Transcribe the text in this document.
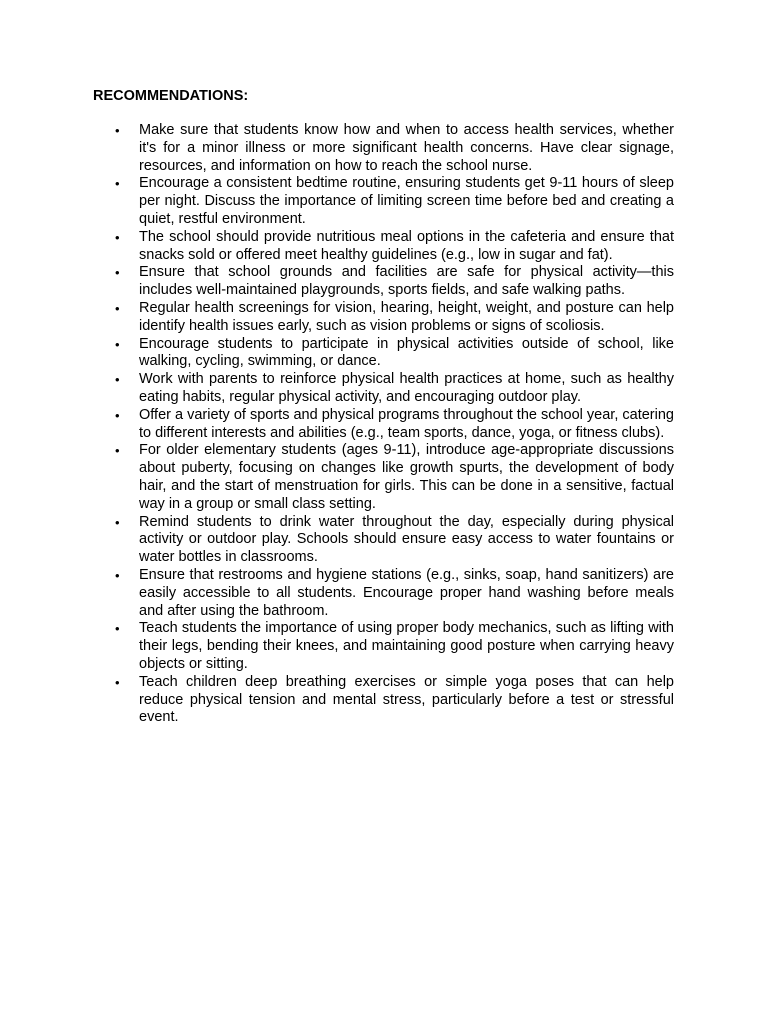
RECOMMENDATIONS:
• Make sure that students know how and when to access health services, whether it's for a minor illness or more significant health concerns. Have clear signage, resources, and information on how to reach the school nurse.
• Encourage a consistent bedtime routine, ensuring students get 9-11 hours of sleep per night. Discuss the importance of limiting screen time before bed and creating a quiet, restful environment.
• The school should provide nutritious meal options in the cafeteria and ensure that snacks sold or offered meet healthy guidelines (e.g., low in sugar and fat).
• Ensure that school grounds and facilities are safe for physical activity—this includes well-maintained playgrounds, sports fields, and safe walking paths.
• Regular health screenings for vision, hearing, height, weight, and posture can help identify health issues early, such as vision problems or signs of scoliosis.
• Encourage students to participate in physical activities outside of school, like walking, cycling, swimming, or dance.
• Work with parents to reinforce physical health practices at home, such as healthy eating habits, regular physical activity, and encouraging outdoor play.
• Offer a variety of sports and physical programs throughout the school year, catering to different interests and abilities (e.g., team sports, dance, yoga, or fitness clubs).
• For older elementary students (ages 9-11), introduce age-appropriate discussions about puberty, focusing on changes like growth spurts, the development of body hair, and the start of menstruation for girls. This can be done in a sensitive, factual way in a group or small class setting.
• Remind students to drink water throughout the day, especially during physical activity or outdoor play. Schools should ensure easy access to water fountains or water bottles in classrooms.
• Ensure that restrooms and hygiene stations (e.g., sinks, soap, hand sanitizers) are easily accessible to all students. Encourage proper hand washing before meals and after using the bathroom.
• Teach students the importance of using proper body mechanics, such as lifting with their legs, bending their knees, and maintaining good posture when carrying heavy objects or sitting.
• Teach children deep breathing exercises or simple yoga poses that can help reduce physical tension and mental stress, particularly before a test or stressful event.
